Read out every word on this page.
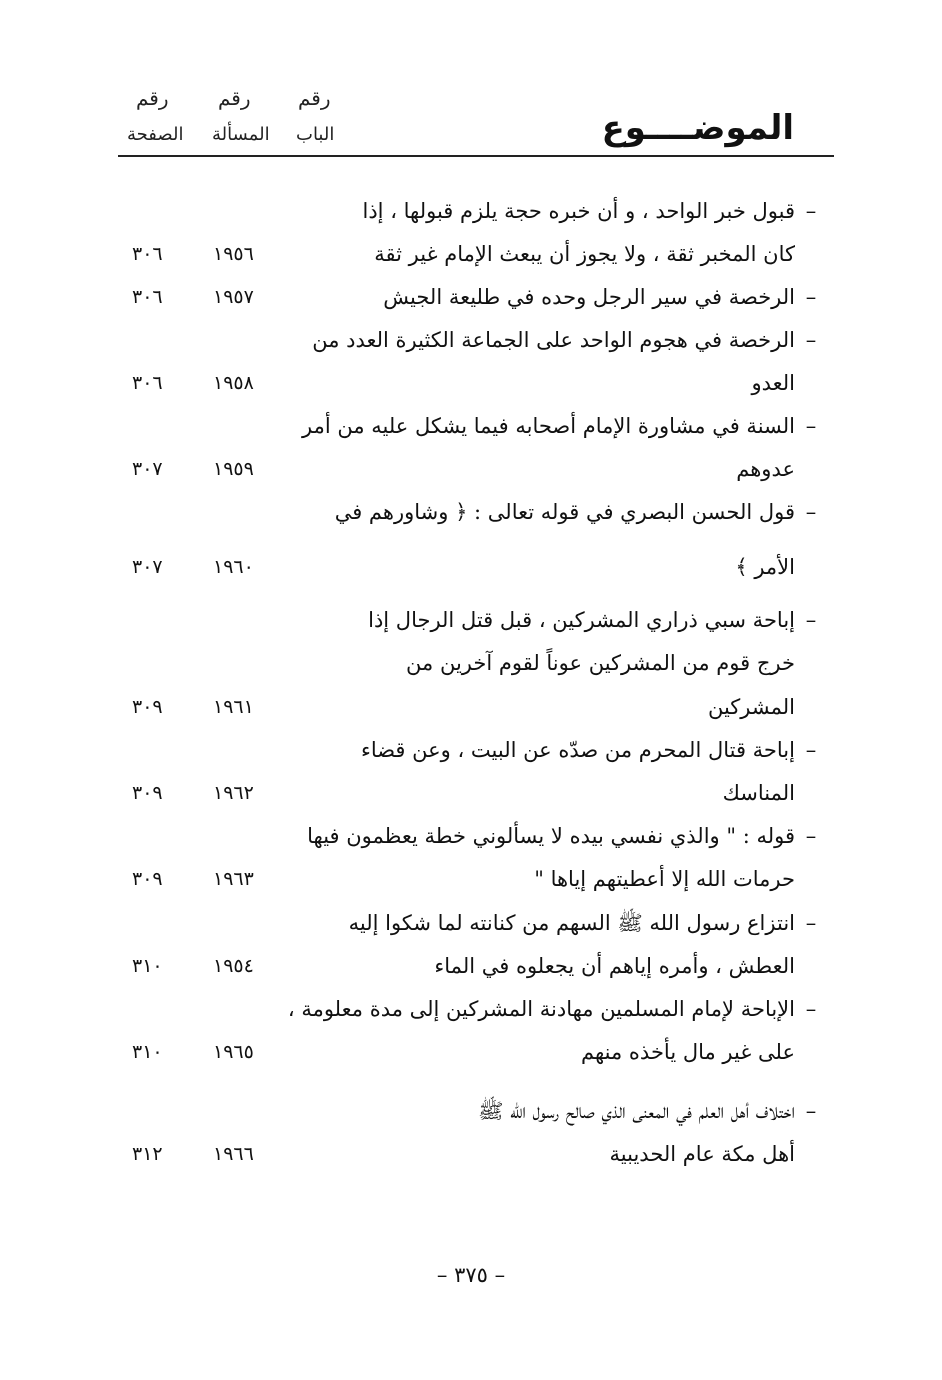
رقم
الباب
رقم
المسألة
رقم
الصفحة	الموضــــوع
–
قبول خبر الواحد ، و أن خبره حجة يلزم قبولها ، إذا
كان المخبر ثقة ، ولا يجوز أن يبعث الإمام غير ثقة
١٩٥٦
٣٠٦
–
الرخصة في سير الرجل وحده في طليعة الجيش
١٩٥٧
٣٠٦
–
الرخصة في هجوم الواحد على الجماعة الكثيرة العدد من
العدو
١٩٥٨
٣٠٦
–
السنة في مشاورة الإمام أصحابه فيما يشكل عليه من أمر
عدوهم
١٩٥٩
٣٠٧
–
قول الحسن البصري في قوله تعالى : ﴿ وشاورهم في
الأمر ﴾
١٩٦٠
٣٠٧
–
إباحة سبي ذراري المشركين ، قبل قتل الرجال إذا
خرج قوم من المشركين عوناً لقوم آخرين من
المشركين
١٩٦١
٣٠٩
–
إباحة قتال المحرم من صدّه عن البيت ، وعن قضاء
المناسك
١٩٦٢
٣٠٩
–
قوله : " والذي نفسي بيده لا يسألوني خطة يعظمون فيها
حرمات الله إلا أعطيتهم إياها "
١٩٦٣
٣٠٩
–
انتزاع رسول الله ﷺ السهم من كنانته لما شكوا إليه
العطش ، وأمره إياهم أن يجعلوه في الماء
١٩٥٤
٣١٠
–
الإباحة لإمام المسلمين مهادنة المشركين إلى مدة معلومة ،
على غير مال يأخذه منهم
١٩٦٥
٣١٠
–
اختلاف أهل العلم في المعنى الذي صالح رسول الله ﷺ
أهل مكة عام الحديبية
١٩٦٦
٣١٢
– ٣٧٥ –
